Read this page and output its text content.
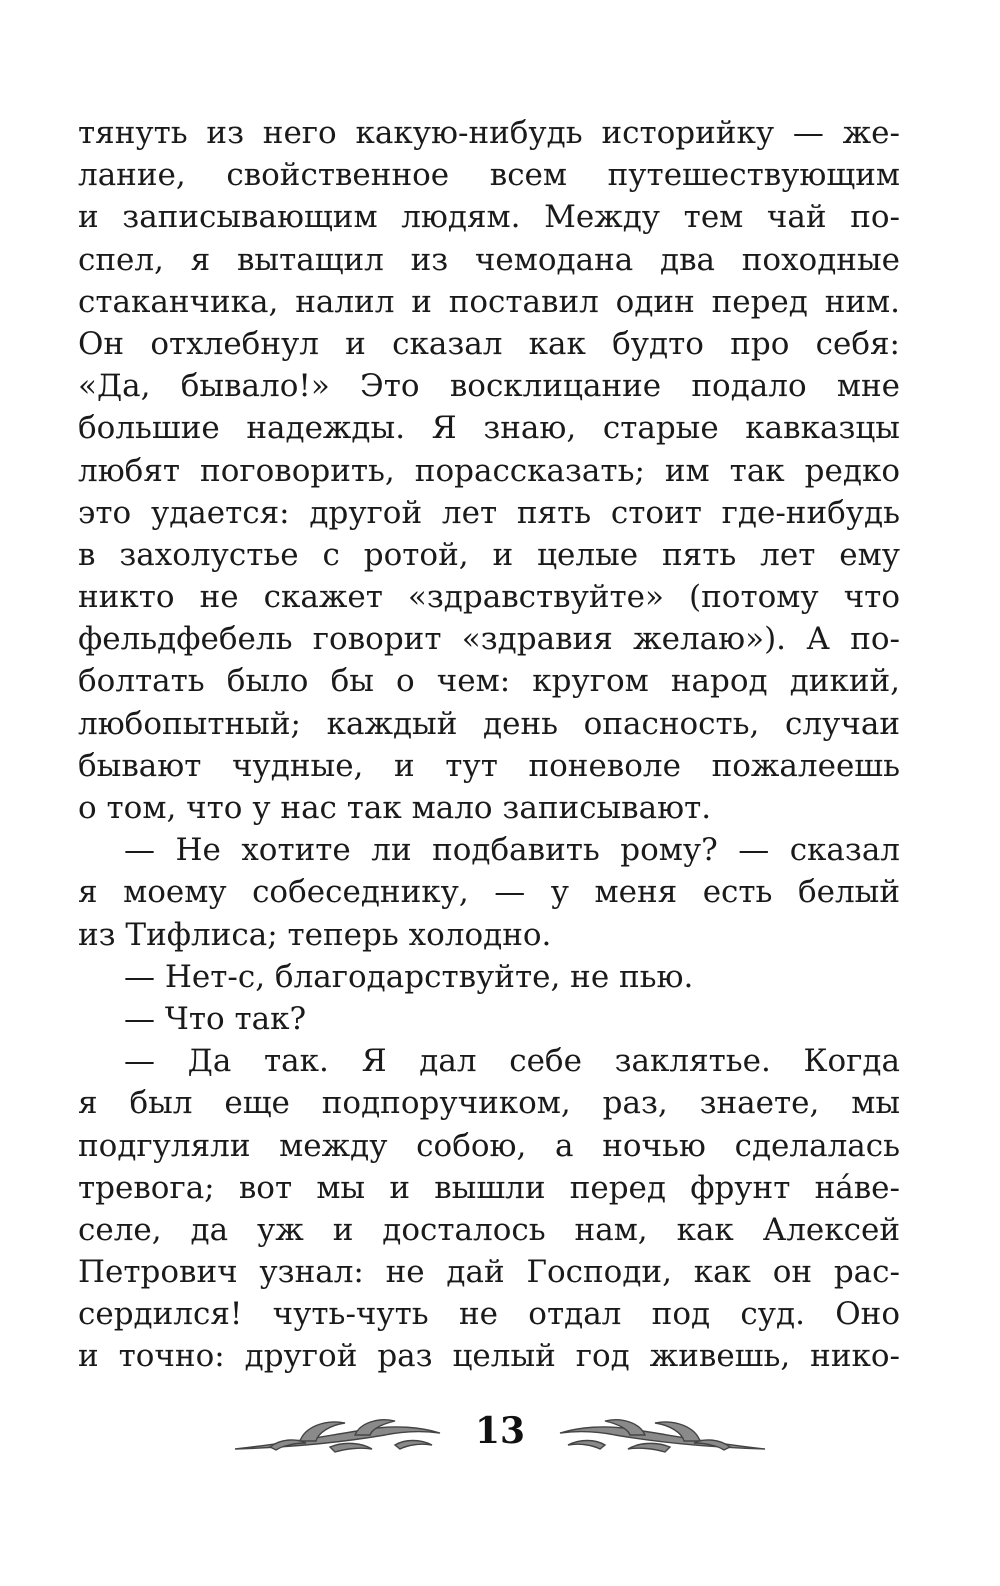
тянуть из него какую-нибудь историйку — же-
лание, свойственное всем путешествующим
и записывающим людям. Между тем чай по-
спел, я вытащил из чемодана два походные
стаканчика, налил и поставил один перед ним.
Он отхлебнул и сказал как будто про себя:
«Да, бывало!» Это восклицание подало мне
большие надежды. Я знаю, старые кавказцы
любят поговорить, порассказать; им так редко
это удается: другой лет пять стоит где-нибудь
в захолустье с ротой, и целые пять лет ему
никто не скажет «здравствуйте» (потому что
фельдфебель говорит «здравия желаю»). А по-
болтать было бы о чем: кругом народ дикий,
любопытный; каждый день опасность, случаи
бывают чудные, и тут поневоле пожалеешь
о том, что у нас так мало записывают.
— Не хотите ли подбавить рому? — сказал
я моему собеседнику, — у меня есть белый
из Тифлиса; теперь холодно.
— Нет-с, благодарствуйте, не пью.
— Что так?
— Да так. Я дал себе заклятье. Когда
я был еще подпоручиком, раз, знаете, мы
подгуляли между собою, а ночью сделалась
тревога; вот мы и вышли перед фрунт на́ве-
селе, да уж и досталось нам, как Алексей
Петрович узнал: не дай Господи, как он рас-
сердился! чуть-чуть не отдал под суд. Оно
и точно: другой раз целый год живешь, нико-
13
